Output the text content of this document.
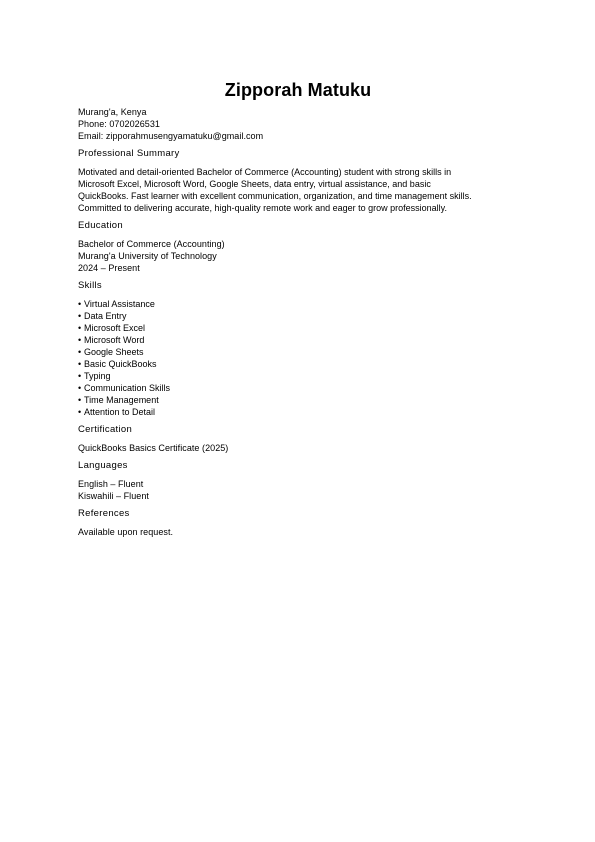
Zipporah Matuku
Murang'a, Kenya
Phone: 0702026531
Email: zipporahmusengyamatuku@gmail.com
Professional Summary
Motivated and detail-oriented Bachelor of Commerce (Accounting) student with strong skills in
Microsoft Excel, Microsoft Word, Google Sheets, data entry, virtual assistance, and basic
QuickBooks. Fast learner with excellent communication, organization, and time management skills.
Committed to delivering accurate, high-quality remote work and eager to grow professionally.
Education
Bachelor of Commerce (Accounting)
Murang'a University of Technology
2024 – Present
Skills
• Virtual Assistance
• Data Entry
• Microsoft Excel
• Microsoft Word
• Google Sheets
• Basic QuickBooks
• Typing
• Communication Skills
• Time Management
• Attention to Detail
Certification
QuickBooks Basics Certificate (2025)
Languages
English – Fluent
Kiswahili – Fluent
References
Available upon request.
